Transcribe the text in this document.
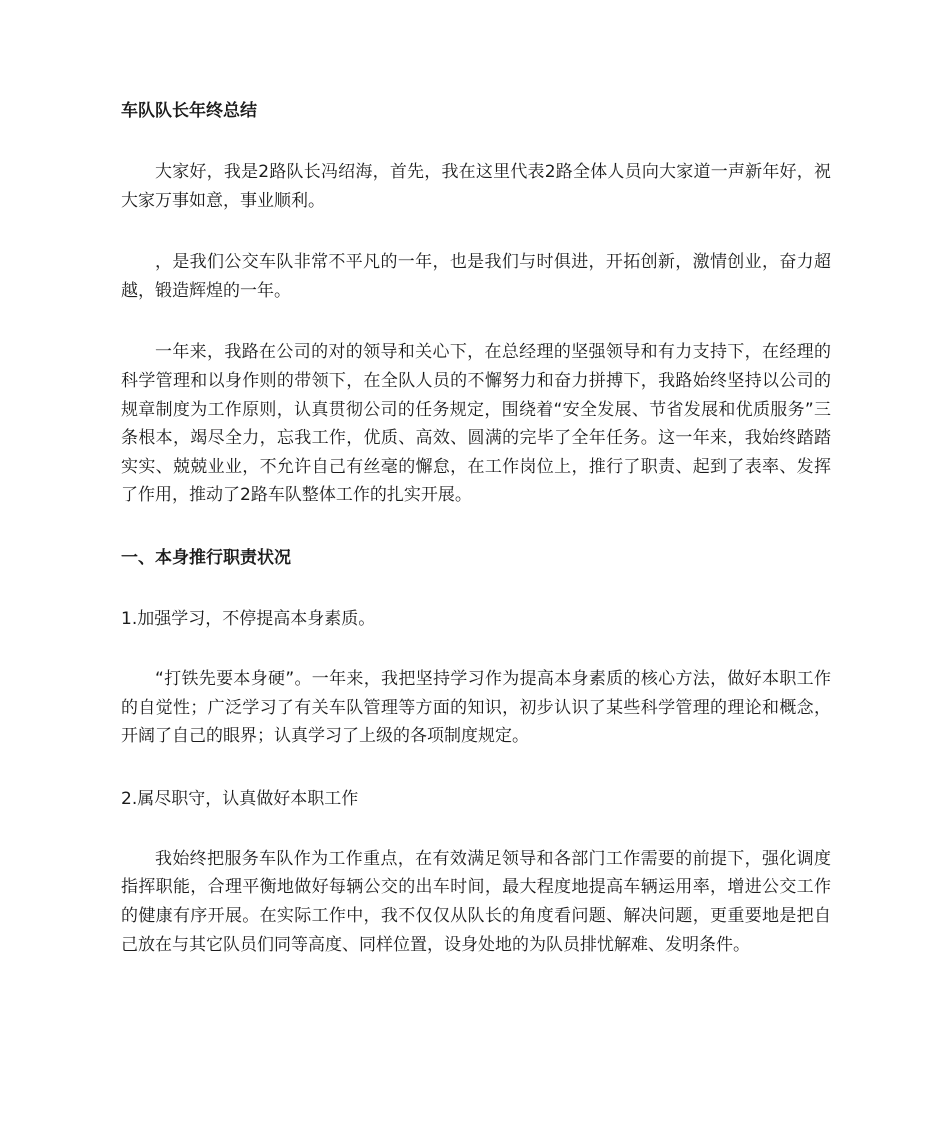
车队队长年终总结

大家好，我是2路队长冯绍海，首先，我在这里代表2路全体人员向大家道一声新年好，祝大家万事如意，事业顺利。

，是我们公交车队非常不平凡的一年，也是我们与时俱进，开拓创新，激情创业，奋力超越，锻造辉煌的一年。

一年来，我路在公司的对的领导和关心下，在总经理的坚强领导和有力支持下，在经理的科学管理和以身作则的带领下，在全队人员的不懈努力和奋力拼搏下，我路始终坚持以公司的规章制度为工作原则，认真贯彻公司的任务规定，围绕着“安全发展、节省发展和优质服务”三条根本，竭尽全力，忘我工作，优质、高效、圆满的完毕了全年任务。这一年来，我始终踏踏实实、兢兢业业，不允许自己有丝毫的懈怠，在工作岗位上，推行了职责、起到了表率、发挥了作用，推动了2路车队整体工作的扎实开展。

一、本身推行职责状况
1.加强学习，不停提高本身素质。

“打铁先要本身硬”。一年来，我把坚持学习作为提高本身素质的核心方法，做好本职工作的自觉性；广泛学习了有关车队管理等方面的知识，初步认识了某些科学管理的理论和概念，开阔了自己的眼界；认真学习了上级的各项制度规定。

2.属尽职守，认真做好本职工作

我始终把服务车队作为工作重点，在有效满足领导和各部门工作需要的前提下，强化调度指挥职能，合理平衡地做好每辆公交的出车时间，最大程度地提高车辆运用率，增进公交工作的健康有序开展。在实际工作中，我不仅仅从队长的角度看问题、解决问题，更重要地是把自己放在与其它队员们同等高度、同样位置，设身处地的为队员排忧解难、发明条件。
